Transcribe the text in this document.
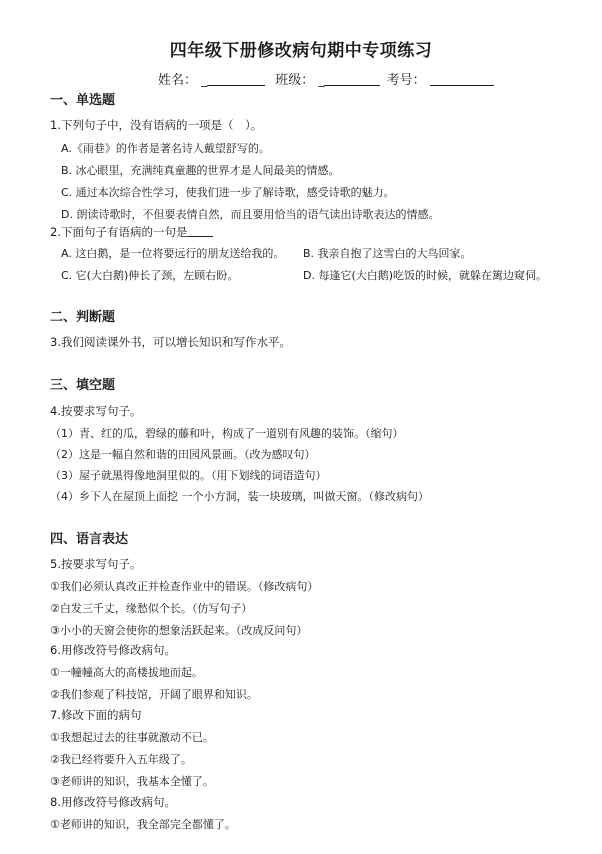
四年级下册修改病句期中专项练习
姓名： _	班级： _	考号：
一、单选题
1.下列句子中，没有语病的一项是（　）。
A.《雨巷》的作者是著名诗人戴望舒写的。
B. 冰心眼里，充满纯真童趣的世界才是人间最美的情感。
C. 通过本次综合性学习，使我们进一步了解诗歌，感受诗歌的魅力。
D. 朗读诗歌时，不但要表情自然，而且要用恰当的语气读出诗歌表达的情感。
2.下面句子有语病的一句是
A. 这白鹅，是一位将要远行的朋友送给我的。 B. 我亲自抱了这雪白的大鸟回家。
C. 它(大白鹅)伸长了颈，左顾右盼。	D. 每逢它(大白鹅)吃饭的时候，就躲在篱边窥伺。
二、判断题
3.我们阅读课外书，可以增长知识和写作水平。
三、填空题
4.按要求写句子。
（1）青、红的瓜，碧绿的藤和叶，构成了一道别有风趣的装饰。（缩句）
（2）这是一幅自然和谐的田园风景画。（改为感叹句）
（3）屋子就黑得像地洞里似的。（用下划线的词语造句）
（4）乡下人在屋顶上面挖 一个小方洞，装一块玻璃，叫做天窗。（修改病句）
四、语言表达
5.按要求写句子。
①我们必须认真改正并检查作业中的错误。（修改病句）
②白发三千丈，缘愁似个长。（仿写句子）
③小小的天窗会使你的想象活跃起来。（改成反问句）
6.用修改符号修改病句。
①一幢幢高大的高楼拔地而起。
②我们参观了科技馆，开阔了眼界和知识。
7.修改下面的病句
①我想起过去的往事就激动不已。
②我已经将要升入五年级了。
③老师讲的知识，我基本全懂了。
8.用修改符号修改病句。
①老师讲的知识，我全部完全都懂了。
